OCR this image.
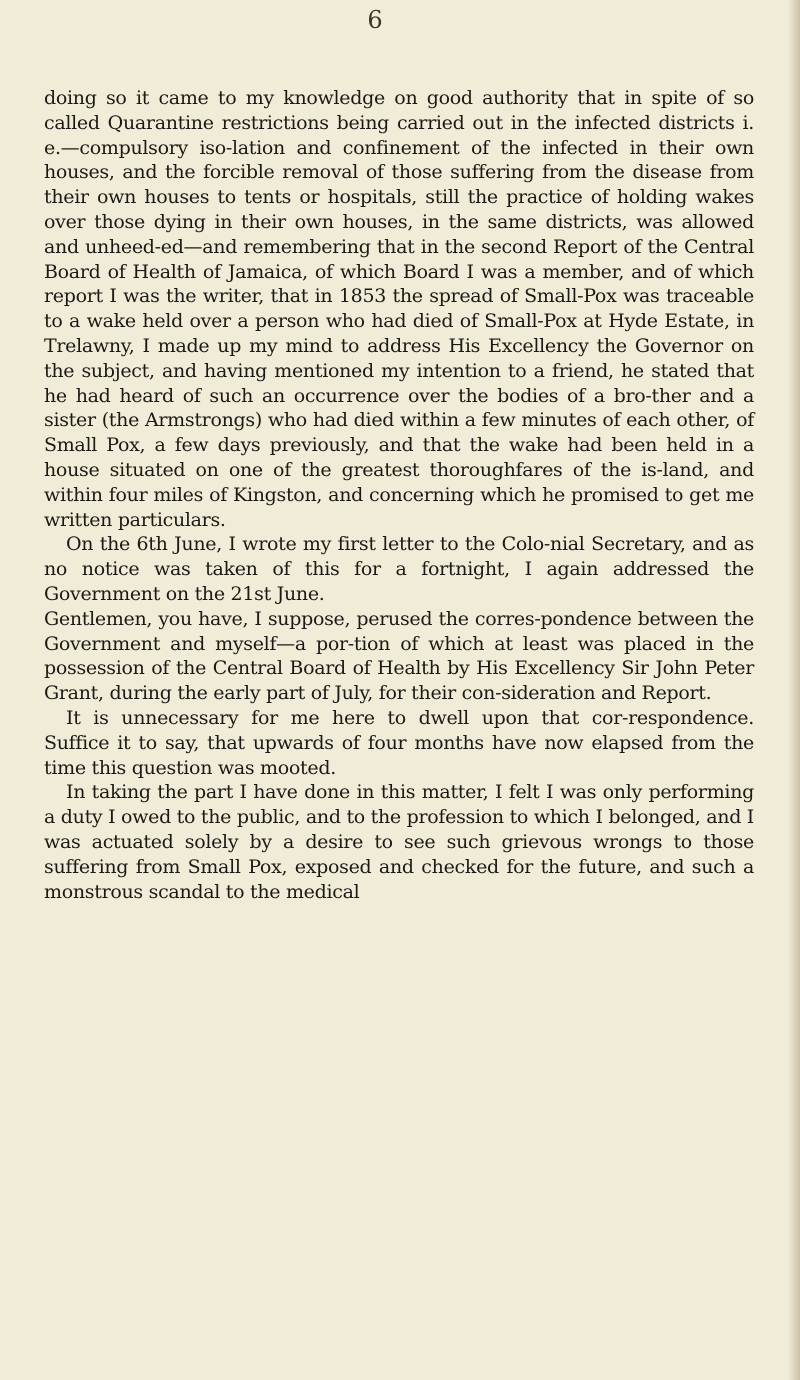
6

doing so it came to my knowledge on good authority that in spite of so called Quarantine restrictions being carried out in the infected districts i. e.—compulsory iso-lation and confinement of the infected in their own houses, and the forcible removal of those suffering from the disease from their own houses to tents or hospitals, still the practice of holding wakes over those dying in their own houses, in the same districts, was allowed and unheed-ed—and remembering that in the second Report of the Central Board of Health of Jamaica, of which Board I was a member, and of which report I was the writer, that in 1853 the spread of Small-Pox was traceable to a wake held over a person who had died of Small-Pox at Hyde Estate, in Trelawny, I made up my mind to address His Excellency the Governor on the subject, and having mentioned my intention to a friend, he stated that he had heard of such an occurrence over the bodies of a bro-ther and a sister (the Armstrongs) who had died within a few minutes of each other, of Small Pox, a few days previously, and that the wake had been held in a house situated on one of the greatest thoroughfares of the is-land, and within four miles of Kingston, and concerning which he promised to get me written particulars.

On the 6th June, I wrote my first letter to the Colo-nial Secretary, and as no notice was taken of this for a fortnight, I again addressed the Government on the 21st June.

Gentlemen, you have, I suppose, perused the corres-pondence between the Government and myself—a por-tion of which at least was placed in the possession of the Central Board of Health by His Excellency Sir John Peter Grant, during the early part of July, for their con-sideration and Report.

It is unnecessary for me here to dwell upon that cor-respondence. Suffice it to say, that upwards of four months have now elapsed from the time this question was mooted.

In taking the part I have done in this matter, I felt I was only performing a duty I owed to the public, and to the profession to which I belonged, and I was actuated solely by a desire to see such grievous wrongs to those suffering from Small Pox, exposed and checked for the future, and such a monstrous scandal to the medical
